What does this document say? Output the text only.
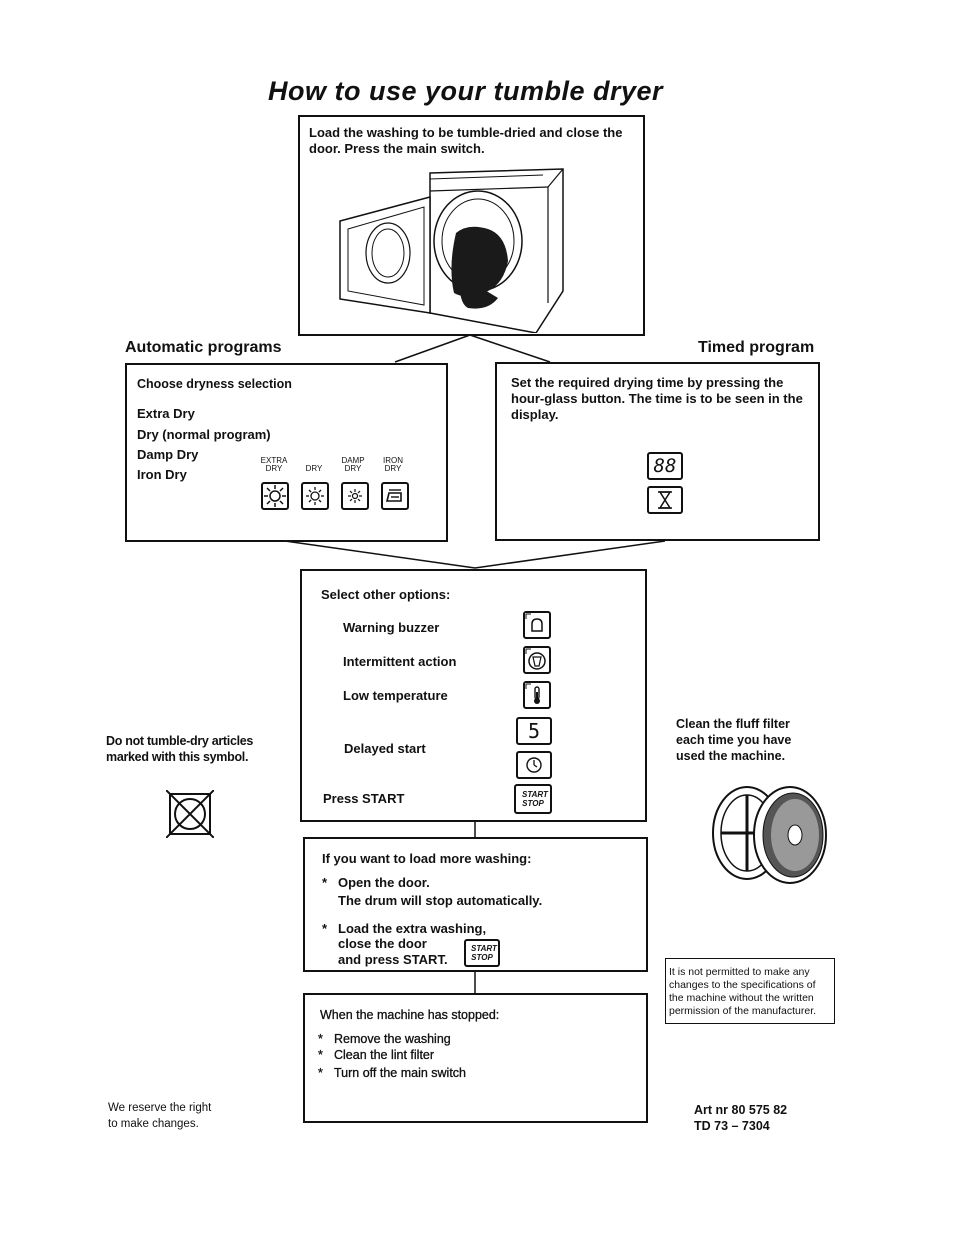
How to use your tumble dryer
Load the washing to be tumble-dried and close the door. Press the main switch.
Automatic programs
Choose dryness selection
Extra Dry
Dry (normal program)
Damp Dry
Iron Dry
EXTRA
DRY
	DRY
DAMP
DRY
IRON
DRY
Timed program
Set the required drying time by pressing the hour-glass button. The time is to be seen in the display.
88
Select other options:
Warning buzzer
Intermittent action
Low temperature
Delayed start
Press START
5
START STOP
If you want to load more washing:
* Open the door.
The drum will stop automatically.
* Load the extra washing,
close the door
and press START.
START STOP
When the machine has stopped:
* Remove the washing
* Clean the lint filter
* Turn off the main switch
Do not tumble-dry articles marked with this symbol.
Clean the fluff filter each time you have used the machine.
It is not permitted to make any changes to the specifications of the machine without the written permission of the manufacturer.
We reserve the right
to make changes.
Art nr 80 575 82
TD 73 – 7304
